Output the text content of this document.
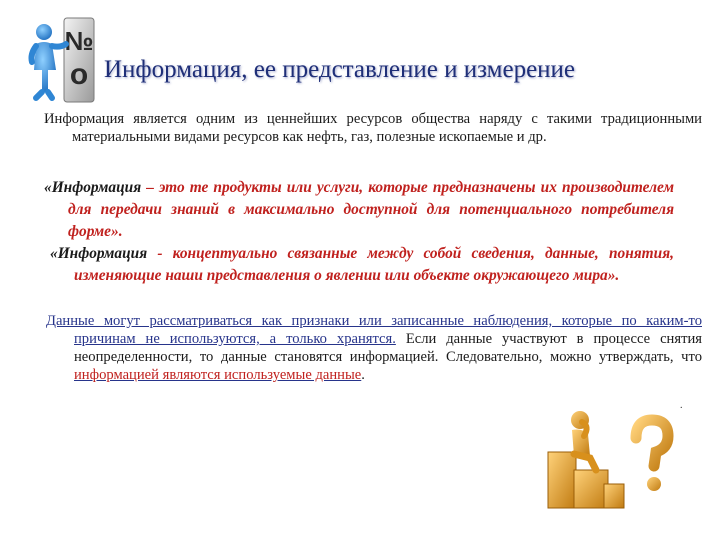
№
o Информация, ее представление и измерение

Информация является одним из ценнейших ресурсов общества наряду с такими традиционными материальными видами ресурсов как нефть, газ, полезные ископаемые и др.

«Информация – это те продукты или услуги, которые предназначены их производителем для передачи знаний в максимально доступной для потенциального потребителя форме».

«Информация - концептуально связанные между собой сведения, данные, понятия, изменяющие наши представления о явлении или объекте окружающего мира».

Данные могут рассматриваться как признаки или записанные наблюдения, которые по каким-то причинам не используются, а только хранятся. Если данные участвуют в процессе снятия неопределенности, то данные становятся информацией. Следовательно, можно утверждать, что информацией являются используемые данные.

.
